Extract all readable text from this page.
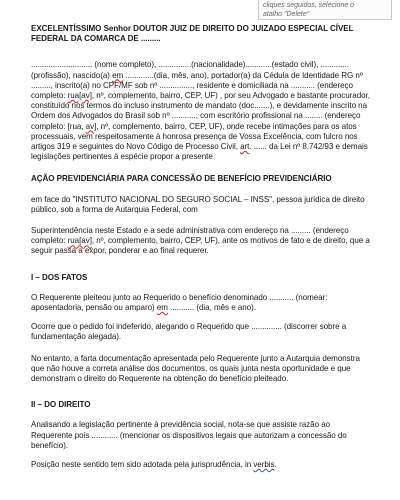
cliques seguidos, selecione o
atalho "Delete"

EXCELENTÍSSIMO Senhor DOUTOR JUIZ DE DIREITO DO JUIZADO ESPECIAL CÍVEL FEDERAL DA COMARCA DE .........

............................ (nome completo), ...............(nacionalidade)............(estado civil), ............. (profissão), nascido(a) em .............(dia, mês, ano), portador(a) da Cédula de Identidade RG nº ........., inscrito(a) no CPF/MF sob nº ..............., residente e domiciliada na ........... (endereço completo: rua[av], nº, complemento, bairro, CEP, UF) , por seu Advogado e bastante procurador, constituído nos termos do incluso instrumento de mandato (doc.......), e devidamente inscrito na Ordem dos Advogados do Brasil sob nº ..........., com escritório profissional na ........ (endereço completo: [rua, av], nº, complemento, bairro, CEP, UF), onde recebe intimações para os atos processuais, vem respeitosamente à honrosa presença de Vossa Excelência, com fulcro nos artigos 319 e seguintes do Novo Código de Processo Civil, art. ...... da Lei nº 8.742/93 e demais legislações pertinentes à espécie propor a presente

AÇÃO PREVIDENCIÁRIA PARA CONCESSÃO DE BENEFÍCIO PREVIDENCIÁRIO

em face do "INSTITUTO NACIONAL DO SEGURO SOCIAL – INSS", pessoa jurídica de direito público, sob a forma de Autarquia Federal, com

Superintendência neste Estado e a sede administrativa com endereço na ......... (endereço completo: rua[av], nº, complemento, bairro, CEP, UF), ante os motivos de fato e de direito, que a seguir passa a expor, ponderar e ao final requerer.

I – DOS FATOS

O Requerente pleiteou junto ao Requerido o benefício denominado ........... (nomear: aposentadoria, pensão ou amparo) em ........... (dia, mês e ano).

Ocorre que o pedido foi indeferido, alegando o Requerido que .............. (discorrer sobre a fundamentação alegada).

No entanto, a farta documentação apresentada pelo Requerente junto a Autarquia demonstra que não houve a correta análise dos documentos, os quais junta nesta oportunidade e que demonstram o direito do Requerente na obtenção do benefício pleiteado.

II – DO DIREITO

Analisando a legislação pertinente à previdência social, nota-se que assiste razão ao Requerente pois ............ (mencionar os dispositivos legais que autorizam a concessão do benefício).

Posição neste sentido tem sido adotada pela jurisprudência, in verbis.
